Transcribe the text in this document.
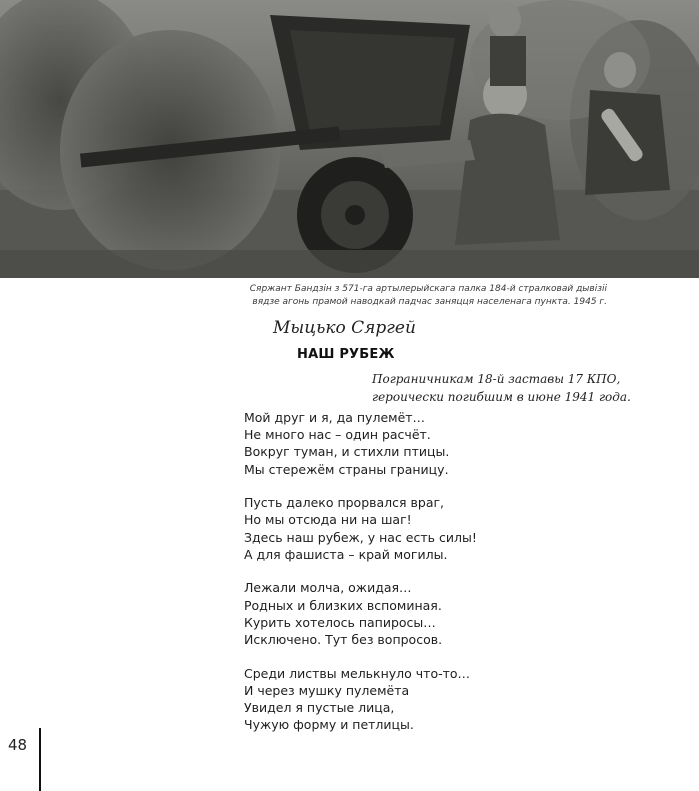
Сяржант Бандзін з 571-га артылерыйскага палка 184-й стралковай дывізіі
вядзе агонь прамой наводкай падчас заняцця населенага пункта. 1945 г.
Мыцько Сяргей
НАШ РУБЕЖ
Пограничникам 18-й заставы 17 КПО,
героически погибшим в июне 1941 года.
Мой друг и я, да пулемёт…
Не много нас – один расчёт.
Вокруг туман, и стихли птицы.
Мы стережём страны границу.
Пусть далеко прорвался враг,
Но мы отсюда ни на шаг!
Здесь наш рубеж, у нас есть силы!
А для фашиста – край могилы.
Лежали молча, ожидая…
Родных и близких вспоминая.
Курить хотелось папиросы…
Исключено. Тут без вопросов.
Среди листвы мелькнуло что-то…
И через мушку пулемёта
Увидел я пустые лица,
Чужую форму и петлицы.
48
